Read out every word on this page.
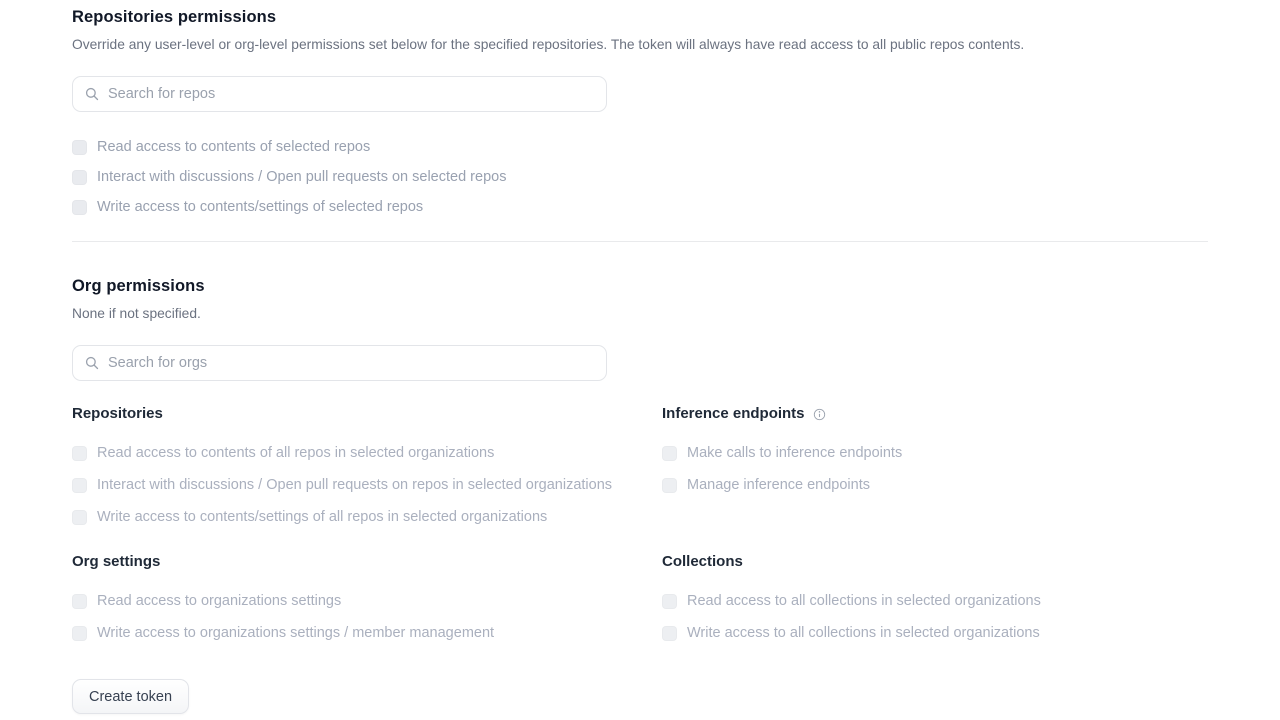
Repositories permissions

Override any user-level or org-level permissions set below for the specified repositories. The token will always have read access to all public repos contents.

Search for repos
Read access to contents of selected repos
Interact with discussions / Open pull requests on selected repos
Write access to contents/settings of selected repos
Org permissions

None if not specified.

Search for orgs
Repositories
Read access to contents of all repos in selected organizations
Interact with discussions / Open pull requests on repos in selected organizations
Write access to contents/settings of all repos in selected organizations
Inference endpoints
Make calls to inference endpoints
Manage inference endpoints
Org settings
Read access to organizations settings
Write access to organizations settings / member management
Collections
Read access to all collections in selected organizations
Write access to all collections in selected organizations
Create token
